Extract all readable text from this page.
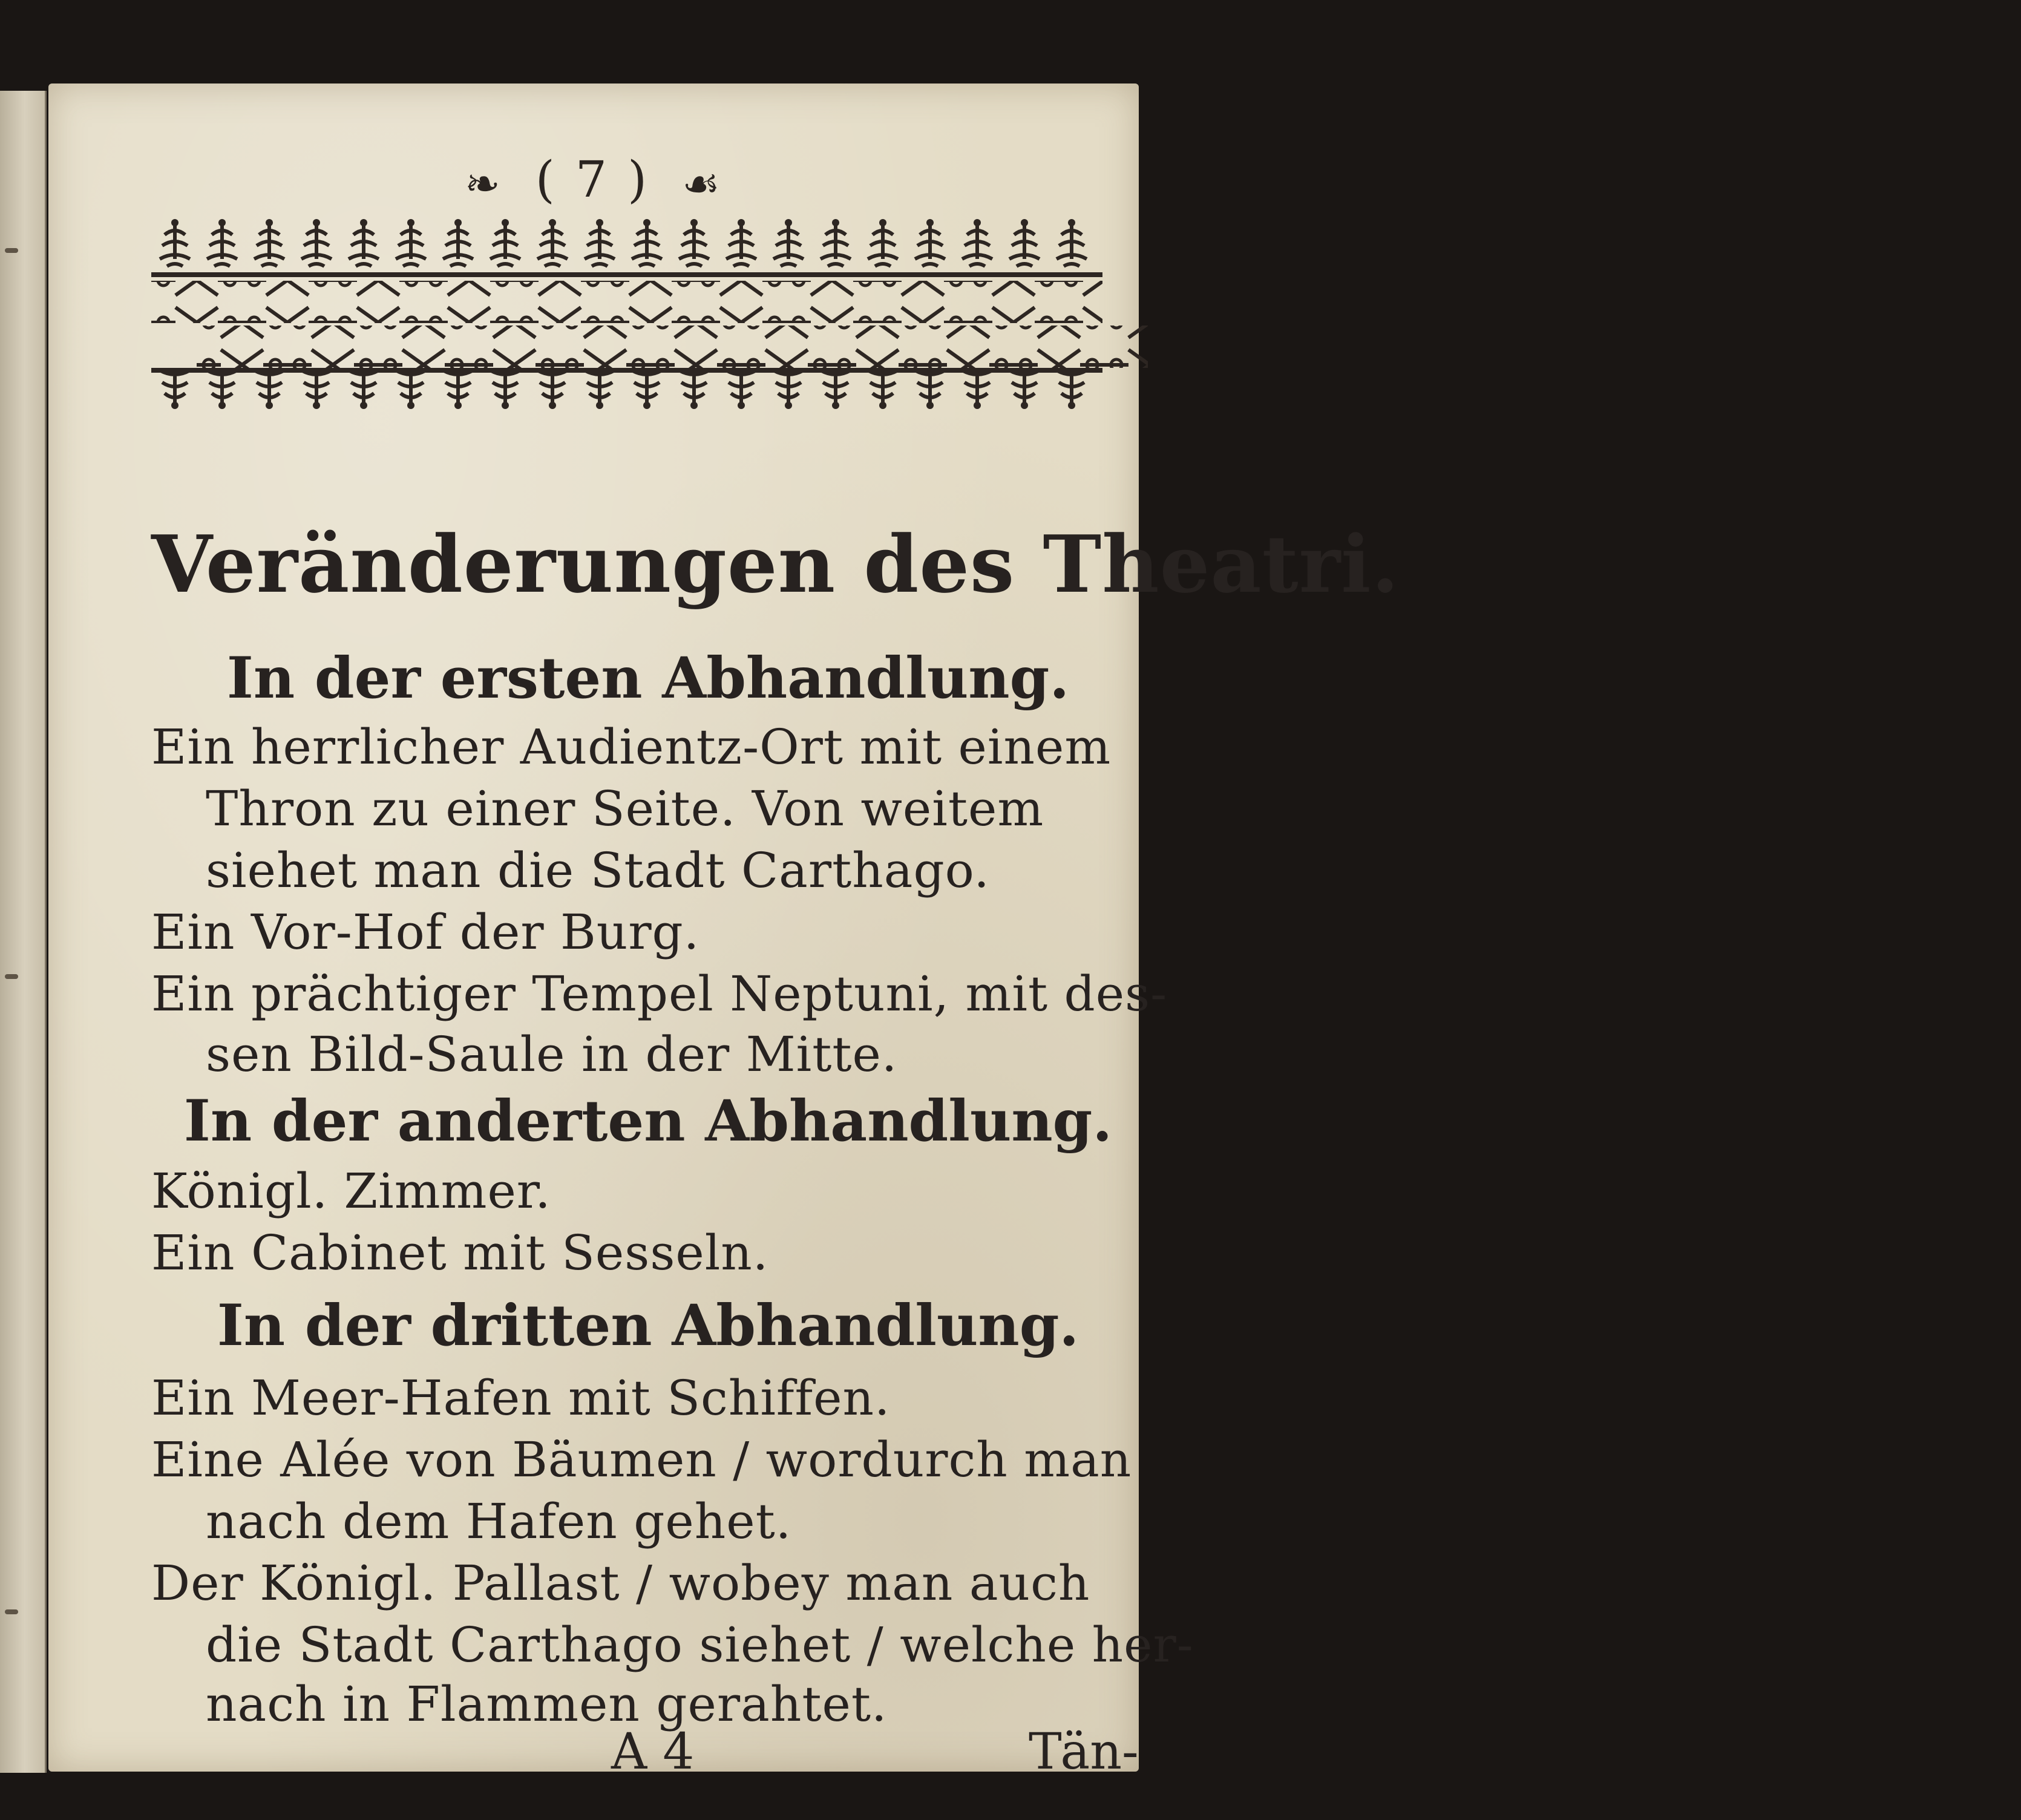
❧ ( 7 ) ☙
Veränderungen des Theatri.
In der ersten Abhandlung.
Ein herrlicher Audientz‑Ort mit einem
Thron zu einer Seite. Von weitem
siehet man die Stadt Carthago.
Ein Vor‑Hof der Burg.
Ein prächtiger Tempel Neptuni, mit des‑
sen Bild‑Saule in der Mitte.
In der anderten Abhandlung.
Königl. Zimmer.
Ein Cabinet mit Sesseln.
In der dritten Abhandlung.
Ein Meer‑Hafen mit Schiffen.
Eine Alée von Bäumen / wordurch man
nach dem Hafen gehet.
Der Königl. Pallast / wobey man auch
die Stadt Carthago siehet / welche her‑
nach in Flammen gerahtet.
A 4	Tän‑
